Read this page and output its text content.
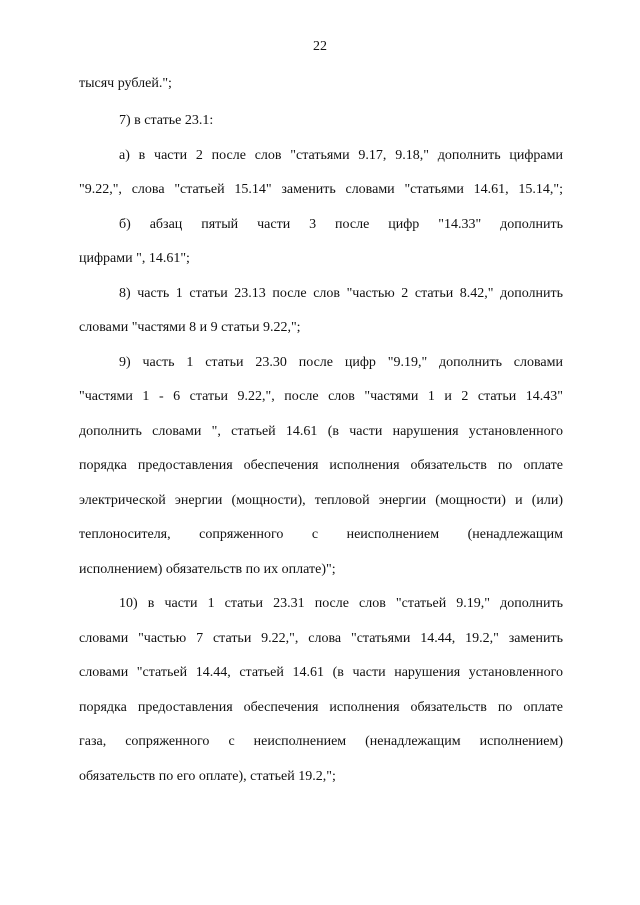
22
тысяч рублей.";
7) в статье 23.1:
а) в части 2 после слов "статьями 9.17, 9.18," дополнить цифрами
"9.22,", слова "статьей 15.14" заменить словами "статьями 14.61, 15.14,";
б) абзац пятый части 3 после цифр "14.33" дополнить
цифрами ", 14.61";
8) часть 1 статьи 23.13 после слов "частью 2 статьи 8.42," дополнить
словами "частями 8 и 9 статьи 9.22,";
9) часть 1 статьи 23.30 после цифр "9.19," дополнить словами
"частями 1 - 6 статьи 9.22,", после слов "частями 1 и 2 статьи 14.43"
дополнить словами ", статьей 14.61 (в части нарушения установленного
порядка предоставления обеспечения исполнения обязательств по оплате
электрической энергии (мощности), тепловой энергии (мощности) и (или)
теплоносителя, сопряженного с неисполнением (ненадлежащим
исполнением) обязательств по их оплате)";
10) в части 1 статьи 23.31 после слов "статьей 9.19," дополнить
словами "частью 7 статьи 9.22,", слова "статьями 14.44, 19.2," заменить
словами "статьей 14.44, статьей 14.61 (в части нарушения установленного
порядка предоставления обеспечения исполнения обязательств по оплате
газа, сопряженного с неисполнением (ненадлежащим исполнением)
обязательств по его оплате), статьей 19.2,";
